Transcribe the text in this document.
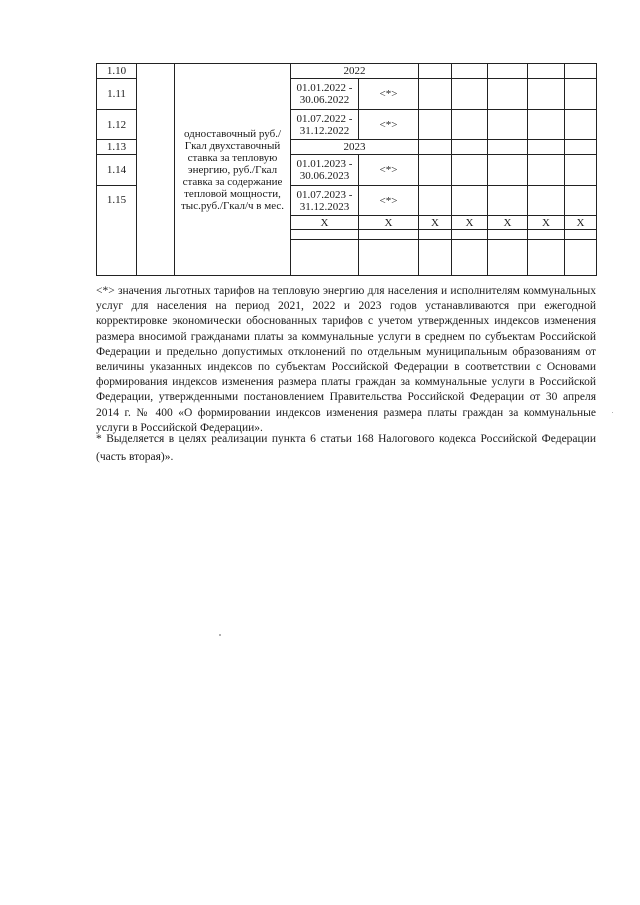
1.10		одноставочный руб./Гкал двухставочный ставка за тепловую энергию, руб./Гкал ставка за содержание тепловой мощности, тыс.руб./Гкал/ч в мес.	2022						
1.11			01.01.2022 - 30.06.2022	<*>					
1.12			01.07.2022 - 31.12.2022	<*>					
1.13			2023						
1.14			01.01.2023 - 30.06.2023	<*>					
1.15			01.07.2023 - 31.12.2023	<*>					
			X	X	X	X	X	X	X

<*> значения льготных тарифов на тепловую энергию для населения и исполнителям коммунальных услуг для населения на период 2021, 2022 и 2023 годов устанавливаются при ежегодной корректировке экономически обоснованных тарифов с учетом утвержденных индексов изменения размера вносимой гражданами платы за коммунальные услуги в среднем по субъектам Российской Федерации и предельно допустимых отклонений по отдельным муниципальным образованиям от величины указанных индексов по субъектам Российской Федерации в соответствии с Основами формирования индексов изменения размера платы граждан за коммунальные услуги в Российской Федерации, утвержденными постановлением Правительства Российской Федерации от 30 апреля 2014 г. № 400 «О формировании индексов изменения размера платы граждан за коммунальные услуги в Российской Федерации».

* Выделяется в целях реализации пункта 6 статьи 168 Налогового кодекса Российской Федерации (часть вторая)».
